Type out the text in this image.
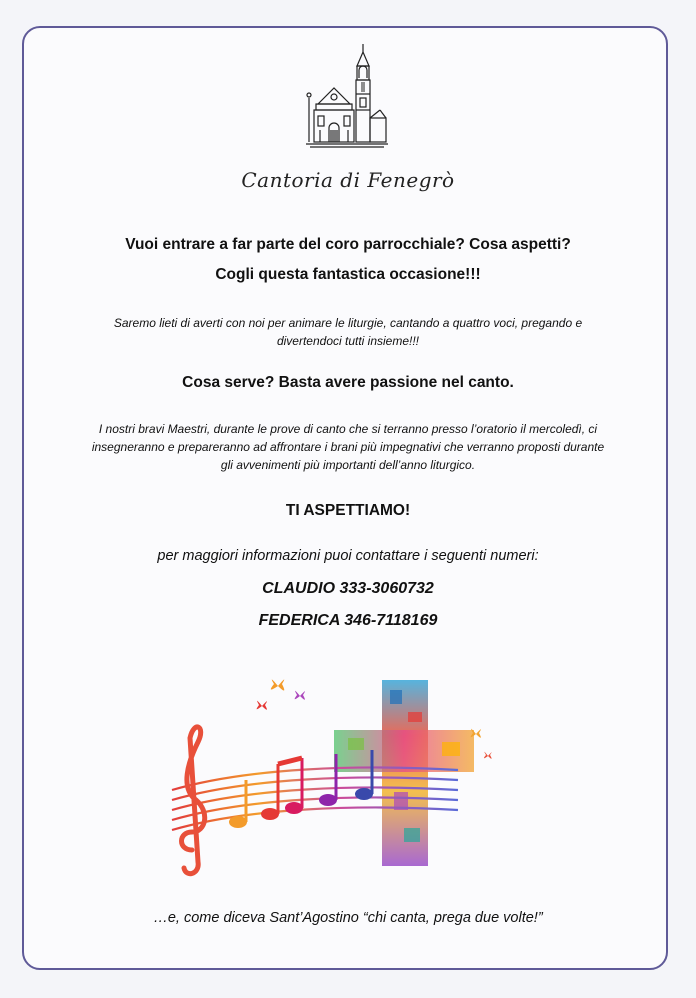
Cantoria di Fenegrò
Vuoi entrare a far parte del coro parrocchiale? Cosa aspetti?
Cogli questa fantastica occasione!!!
Saremo lieti di averti con noi per animare le liturgie, cantando a quattro voci, pregando e
divertendoci tutti insieme!!!
Cosa serve? Basta avere passione nel canto.
I nostri bravi Maestri, durante le prove di canto che si terranno presso l’oratorio il mercoledì, ci
insegneranno e prepareranno ad affrontare i brani più impegnativi che verranno proposti durante
gli avvenimenti più importanti dell’anno liturgico.
TI ASPETTIAMO!
per maggiori informazioni puoi contattare i seguenti numeri:
CLAUDIO 333-3060732
FEDERICA 346-7118169
…e, come diceva Sant’Agostino “chi canta, prega due volte!”
